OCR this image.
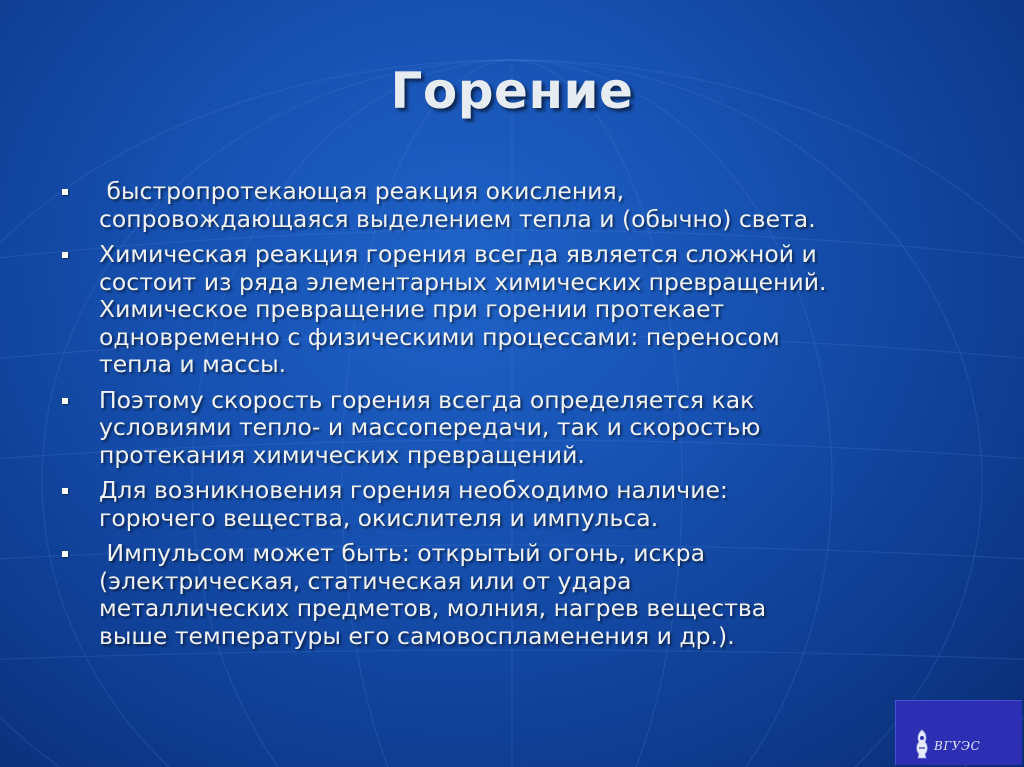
Горение
быстропротекающая реакция окисления,
сопровождающаяся выделением тепла и (обычно) света.
Химическая реакция горения всегда является сложной и
состоит из ряда элементарных химических превращений.
Химическое превращение при горении протекает
одновременно с физическими процессами: переносом
тепла и массы.
Поэтому скорость горения всегда определяется как
условиями тепло- и массопередачи, так и скоростью
протекания химических превращений.
Для возникновения горения необходимо наличие:
горючего вещества, окислителя и импульса.
Импульсом может быть: открытый огонь, искра
(электрическая, статическая или от удара
металлических предметов, молния, нагрев вещества
выше температуры его самовоспламенения и др.).
ВГУЭС
